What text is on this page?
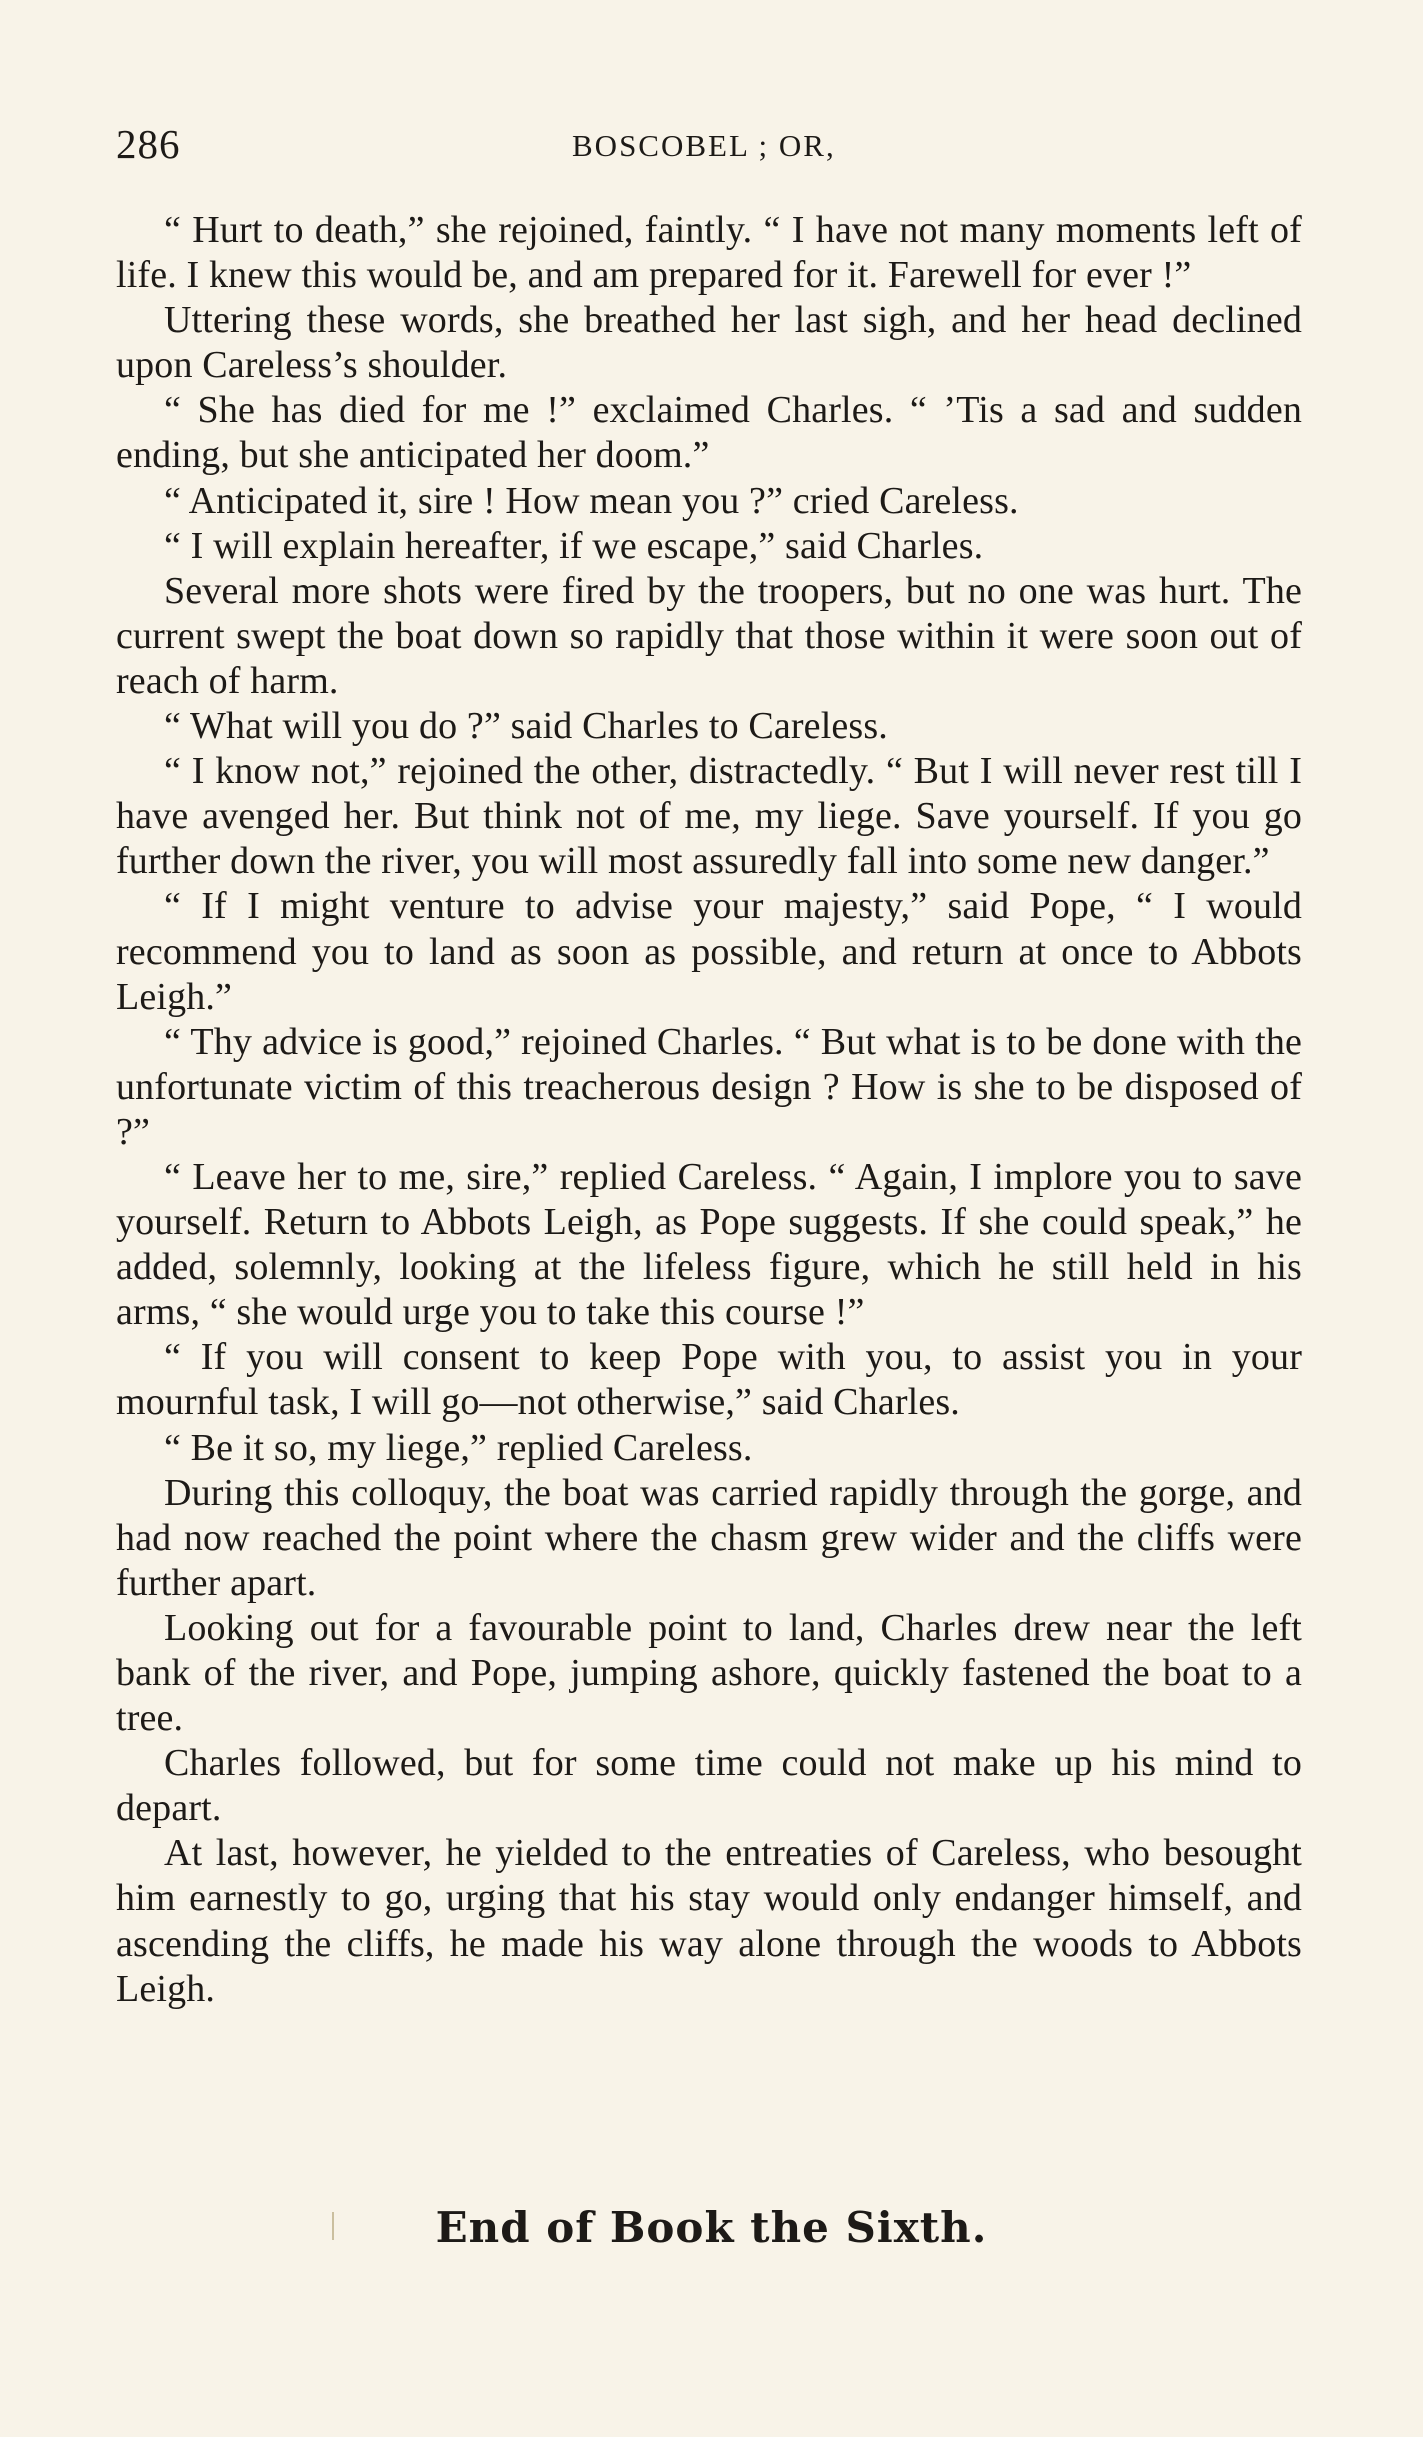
286	BOSCOBEL ; OR,

“ Hurt to death,” she rejoined, faintly. “ I have not many moments left of life. I knew this would be, and am prepared for it. Farewell for ever !”

Uttering these words, she breathed her last sigh, and her head declined upon Careless’s shoulder.

“ She has died for me !” exclaimed Charles. “ ’Tis a sad and sudden ending, but she anticipated her doom.”

“ Anticipated it, sire ! How mean you ?” cried Careless.

“ I will explain hereafter, if we escape,” said Charles.

Several more shots were fired by the troopers, but no one was hurt. The current swept the boat down so rapidly that those within it were soon out of reach of harm.

“ What will you do ?” said Charles to Careless.

“ I know not,” rejoined the other, distractedly. “ But I will never rest till I have avenged her. But think not of me, my liege. Save yourself. If you go further down the river, you will most assuredly fall into some new danger.”

“ If I might venture to advise your majesty,” said Pope, “ I would recommend you to land as soon as possible, and return at once to Abbots Leigh.”

“ Thy advice is good,” rejoined Charles. “ But what is to be done with the unfortunate victim of this treacherous design ? How is she to be disposed of ?”

“ Leave her to me, sire,” replied Careless. “ Again, I implore you to save yourself. Return to Abbots Leigh, as Pope suggests. If she could speak,” he added, solemnly, looking at the lifeless figure, which he still held in his arms, “ she would urge you to take this course !”

“ If you will consent to keep Pope with you, to assist you in your mournful task, I will go—not otherwise,” said Charles.

“ Be it so, my liege,” replied Careless.

During this colloquy, the boat was carried rapidly through the gorge, and had now reached the point where the chasm grew wider and the cliffs were further apart.

Looking out for a favourable point to land, Charles drew near the left bank of the river, and Pope, jumping ashore, quickly fastened the boat to a tree.

Charles followed, but for some time could not make up his mind to depart.

At last, however, he yielded to the entreaties of Careless, who besought him earnestly to go, urging that his stay would only endanger himself, and ascending the cliffs, he made his way alone through the woods to Abbots Leigh.

End of Book the Sixth.
